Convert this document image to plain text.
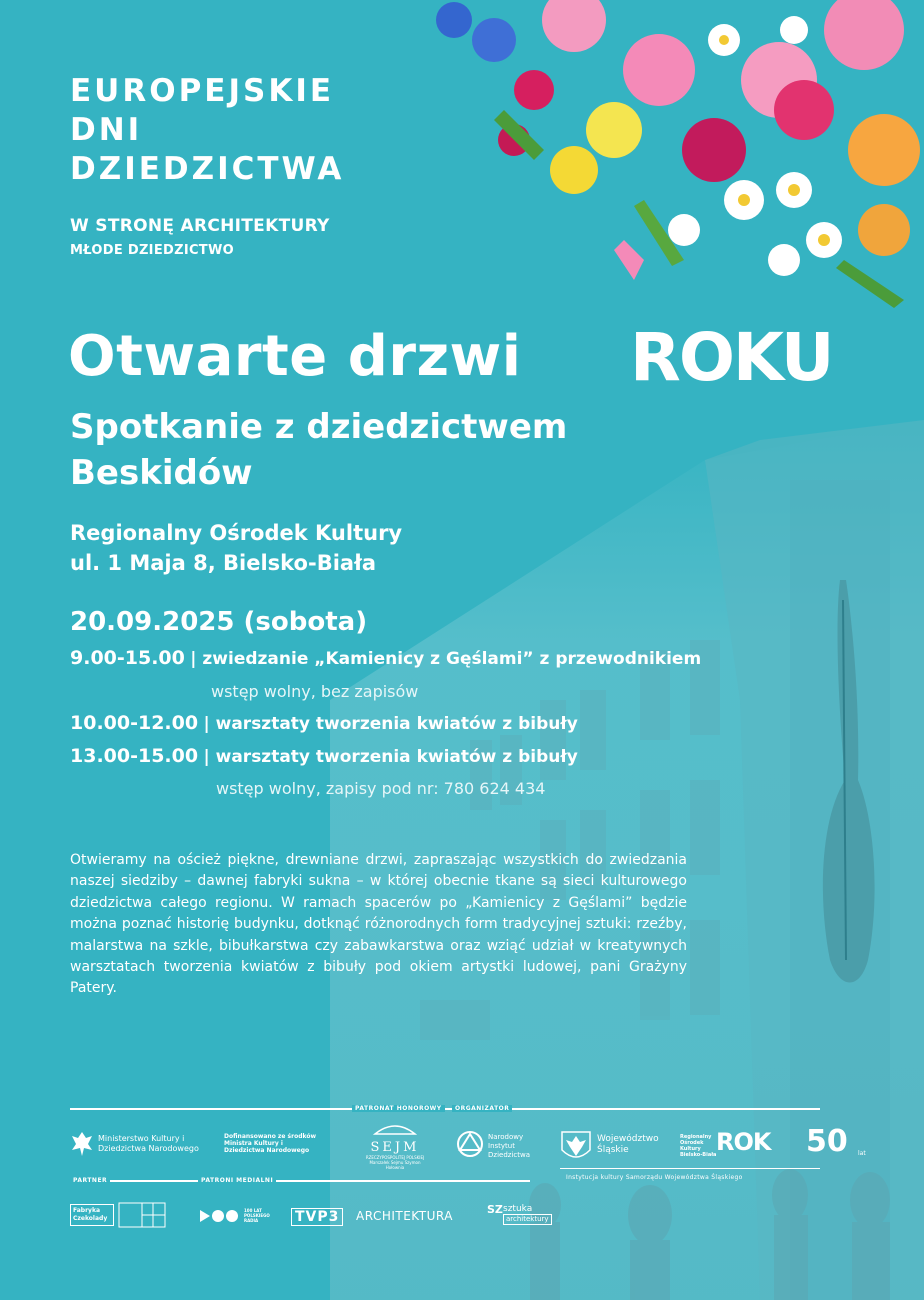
EUROPEJSKIE
DNI
DZIEDZICTWA
W STRONĘ ARCHITEKTURY
MŁODE DZIEDZICTWO
Otwarte drzwi ROKU
Spotkanie z dziedzictwem
Beskidów
Regionalny Ośrodek Kultury
ul. 1 Maja 8, Bielsko-Biała
20.09.2025 (sobota)
9.00-15.00 | zwiedzanie „Kamienicy z Gęślami” z przewodnikiem
wstęp wolny, bez zapisów
10.00-12.00 | warsztaty tworzenia kwiatów z bibuły
13.00-15.00 | warsztaty tworzenia kwiatów z bibuły
wstęp wolny, zapisy pod nr: 780 624 434
Otwieramy na oścież piękne, drewniane drzwi, zapraszając wszystkich do zwiedzania naszej siedziby – dawnej fabryki sukna – w której obecnie tkane są sieci kulturowego dziedzictwa całego regionu. W ramach spacerów po „Kamienicy z Gęślami” będzie można poznać historię budynku, dotknąć różnorodnych form tradycyjnej sztuki: rzeźby, malarstwa na szkle, bibułkarstwa czy zabawkarstwa oraz wziąć udział w kreatywnych warsztatach tworzenia kwiatów z bibuły pod okiem artystki ludowej, pani Grażyny Patery.
PATRONAT HONOROWY	ORGANIZATOR
Ministerstwo Kultury i Dziedzictwa Narodowego
Dofinansowano ze środków Ministra Kultury i Dziedzictwa Narodowego	SEJM
RZECZYPOSPOLITEJ POLSKIEJ
Marszałek Sejmu Szymon Hołownia
Narodowy Instytut Dziedzictwa
Województwo Śląskie
Regionalny Ośrodek Kultury Bielsko-Biała ROK 50 lat
Instytucja kultury Samorządu Województwa Śląskiego
PARTNER	PATRONI MEDIALNI
Fabryka Czekolady
100 LAT POLSKIEGO RADIA	TVP3	ARCHITEKTURA	SZ sztuka
architektury
